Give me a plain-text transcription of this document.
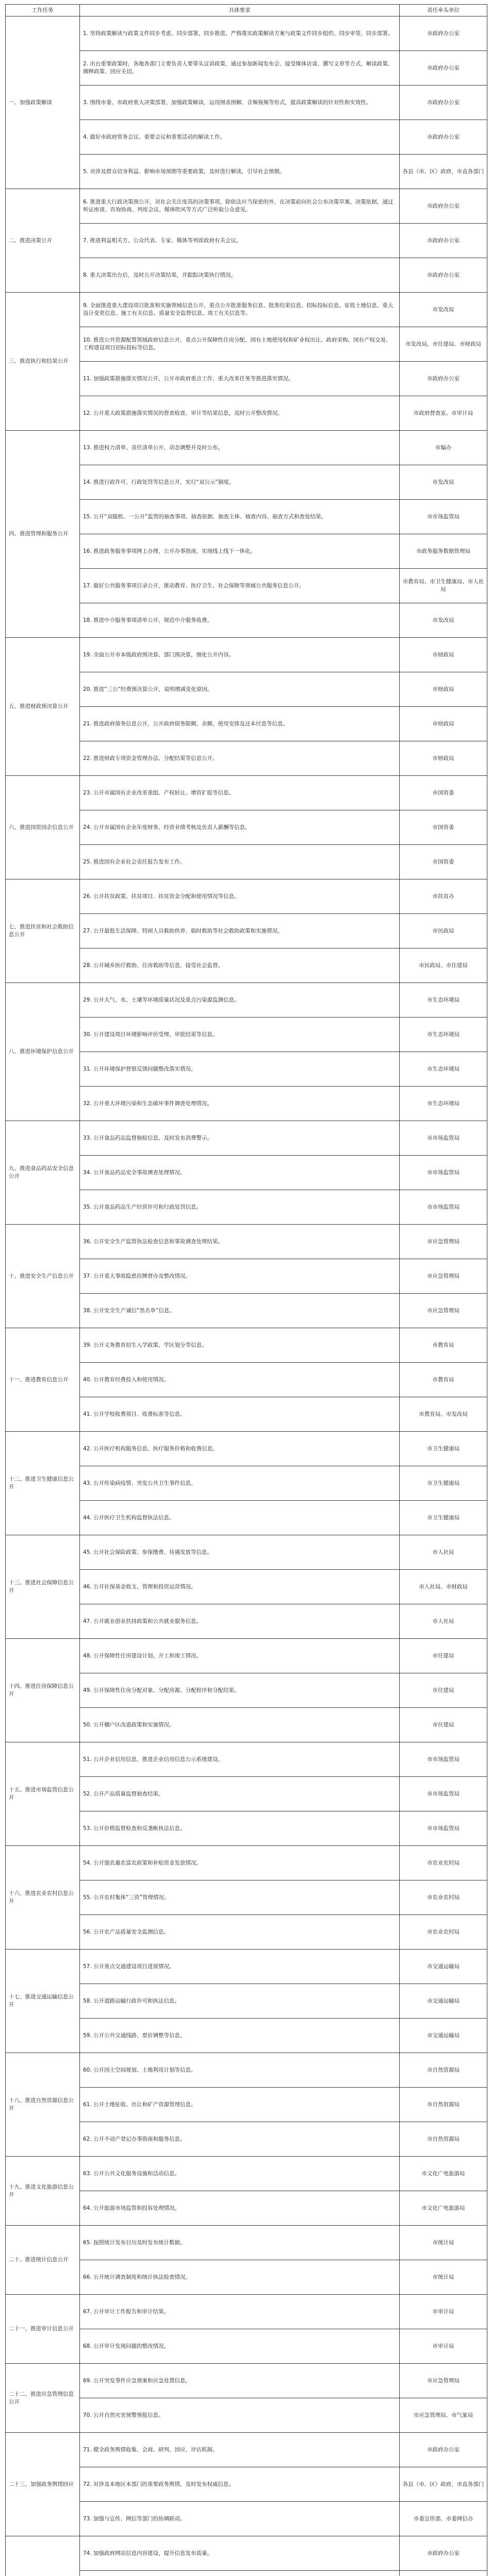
工作任务	具体要求	责任牵头单位
一、加强政策解读	1. 坚持政策解读与政策文件同步考虑、同步部署、同步推进。严格落实政策解读方案与政策文件同步组织、同步审签、同步部署。	市政府办公室
	2. 出台重要政策时，各地各部门主要负责人要带头宣讲政策，通过参加新闻发布会、接受媒体访谈、撰写文章等方式，解读政策、阐释政策、回应关切。	市政府办公室
	3. 围绕市委、市政府重大决策部署，加强政策解读，运用图表图解、音频视频等形式，提高政策解读的针对性和实效性。	市政府办公室
	4. 做好市政府常务会议、重要会议和重要活动的解读工作。	市政府办公室
	5. 对涉及群众切身利益、影响市场预期等重要政策，及时进行解读，引导社会预期。	各县（市、区）政府，市直各部门
二、推进决策公开	6. 推进重大行政决策预公开，对社会关注度高的决策事项，除依法应当保密的外，在决策前向社会公布决策草案、决策依据，通过听证座谈、咨询协商、列席会议、媒体吹风等方式广泛听取公众意见。	市政府办公室
	7. 推进利益相关方、公众代表、专家、媒体等列席政府有关会议。	市政府办公室
	8. 重大决策出台后，及时公开决策结果，并跟踪决策执行情况。	市政府办公室
三、推进执行和结果公开	9. 全面推进重大建设项目批准和实施领域信息公开，重点公开批准服务信息、批准结果信息、招标投标信息、征收土地信息、重大设计变更信息、施工有关信息、质量安全监督信息、竣工有关信息等。	市发改局
	10. 推进公共资源配置领域政府信息公开，重点公开保障性住房分配、国有土地使用权和矿业权出让、政府采购、国有产权交易、工程建设项目招标投标等信息。	市发改局、市住建局、市财政局
	11. 加强政策措施落实情况公开，公开市政府重点工作、重大改革任务等推进落实情况。	市政府办公室
	12. 公开重大政策措施落实情况的督查检查、审计等结果信息，及时公开整改情况。	市政府督查室、市审计局
四、推进管理和服务公开	13. 推进权力清单、责任清单公开，动态调整并及时公布。	市编办
	14. 推进行政许可、行政处罚等信息公开，实行“双公示”制度。	市发改局
	15. 公开“双随机、一公开”监管的抽查事项、抽查依据、抽查主体、抽查内容、抽查方式和查处结果。	市市场监管局
	16. 推进政务服务事项网上办理，公开办事指南，实现线上线下一体化。	市政务服务数据管理局
	17. 做好公共服务事项目录公开，推动教育、医疗卫生、社会保障等领域公共服务信息公开。	市教育局、市卫生健康局、市人社局
	18. 推进中介服务事项清单公开，规范中介服务收费。	市发改局
五、推进财政预决算公开	19. 全面公开市本级政府预决算、部门预决算，细化公开内容。	市财政局
	20. 推进“三公”经费预决算公开，说明增减变化原因。	市财政局
	21. 推进政府债务信息公开，公开政府债务限额、余额、使用安排及还本付息等信息。	市财政局
	22. 推进财政专项资金管理办法、分配结果等信息公开。	市财政局
六、推进国资国企信息公开	23. 公开市属国有企业改革重组、产权转让、增资扩股等信息。	市国资委
	24. 公开市属国有企业年度财务、经营业绩考核及负责人薪酬等信息。	市国资委
	25. 推进国有企业社会责任报告发布工作。	市国资委
七、推进扶贫和社会救助信息公开	26. 公开扶贫政策、扶贫项目、扶贫资金分配和使用情况等信息。	市扶贫办
	27. 公开最低生活保障、特困人员救助供养、临时救助等社会救助政策和实施情况。	市民政局
	28. 公开城乡医疗救助、住房救助等信息，接受社会监督。	市民政局、市住建局
八、推进环境保护信息公开	29. 公开大气、水、土壤等环境质量状况及重点污染源监测信息。	市生态环境局
	30. 公开建设项目环境影响评价受理、审批结果等信息。	市生态环境局
	31. 公开环境保护督察反馈问题整改落实情况。	市生态环境局
	32. 公开重大环境污染和生态破坏事件调查处理情况。	市生态环境局
九、推进食品药品安全信息公开	33. 公开食品药品监督抽检信息，及时发布消费警示。	市市场监管局
	34. 公开食品药品安全事故调查处理情况。	市市场监管局
	35. 公开食品药品生产经营许可和行政处罚信息。	市市场监管局
十、推进安全生产信息公开	36. 公开安全生产监管执法检查信息和事故调查处理结果。	市应急管理局
	37. 公开重大事故隐患挂牌督办及整改情况。	市应急管理局
	38. 公开安全生产诚信“黑名单”信息。	市应急管理局
十一、推进教育信息公开	39. 公开义务教育招生入学政策、学区划分等信息。	市教育局
	40. 公开教育经费投入和使用情况。	市教育局
	41. 公开学校收费项目、收费标准等信息。	市教育局、市发改局
十二、推进卫生健康信息公开	42. 公开医疗机构服务信息、医疗服务价格和收费信息。	市卫生健康局
	43. 公开传染病疫情、突发公共卫生事件信息。	市卫生健康局
	44. 公开医疗卫生机构监督执法信息。	市卫生健康局
十三、推进社会保障信息公开	45. 公开社会保险政策、参保缴费、待遇发放等信息。	市人社局
	46. 公开社保基金收支、管理和投资运营情况。	市人社局、市财政局
	47. 公开就业创业扶持政策和公共就业服务信息。	市人社局
十四、推进住房保障信息公开	48. 公开保障性住房建设计划、开工和竣工情况。	市住建局
	49. 公开保障性住房分配对象、分配房源、分配程序和分配结果。	市住建局
	50. 公开棚户区改造政策和实施情况。	市住建局
十五、推进市场监管信息公开	51. 公开企业信用信息，推进企业信用信息公示系统建设。	市市场监管局
	52. 公开产品质量监督抽查结果。	市市场监管局
	53. 公开价格监督检查和反垄断执法信息。	市市场监管局
十六、推进农业农村信息公开	54. 公开强农惠农富农政策和补贴资金发放情况。	市农业农村局
	55. 公开农村集体“三资”管理情况。	市农业农村局
	56. 公开农产品质量安全监测信息。	市农业农村局
十七、推进交通运输信息公开	57. 公开重点交通建设项目进展情况。	市交通运输局
	58. 公开道路运输行政许可和执法信息。	市交通运输局
	59. 公开公共交通线路、票价调整等信息。	市交通运输局
十八、推进自然资源信息公开	60. 公开国土空间规划、土地利用计划等信息。	市自然资源局
	61. 公开土地征收、出让和矿产资源管理信息。	市自然资源局
	62. 公开不动产登记办事指南和服务信息。	市自然资源局
十九、推进文化旅游信息公开	63. 公开公共文化服务设施和活动信息。	市文化广电旅游局
	64. 公开旅游市场监管和投诉处理情况。	市文化广电旅游局
二十、推进统计信息公开	65. 按照统计发布日历及时发布统计数据。	市统计局
	66. 公开统计调查制度和统计执法检查情况。	市统计局
二十一、推进审计信息公开	67. 公开审计工作报告和审计结果。	市审计局
	68. 公开审计发现问题的整改情况。	市审计局
二十二、推进应急管理信息公开	69. 公开突发事件应急预案和应急处置信息。	市应急管理局
	70. 公开自然灾害预警预报信息。	市应急管理局、市气象局
二十三、加强政务舆情回应	71. 健全政务舆情收集、会商、研判、回应、评估机制。	市政府办公室
	72. 对涉及本地区本部门的重要政务舆情，及时发布权威信息。	各县（市、区）政府，市直各部门
	73. 加强与宣传、网信等部门的协调联动。	市委宣传部、市委网信办
	74. 加强政府网站信息内容建设，提升信息发布质量。	市政府办公室
